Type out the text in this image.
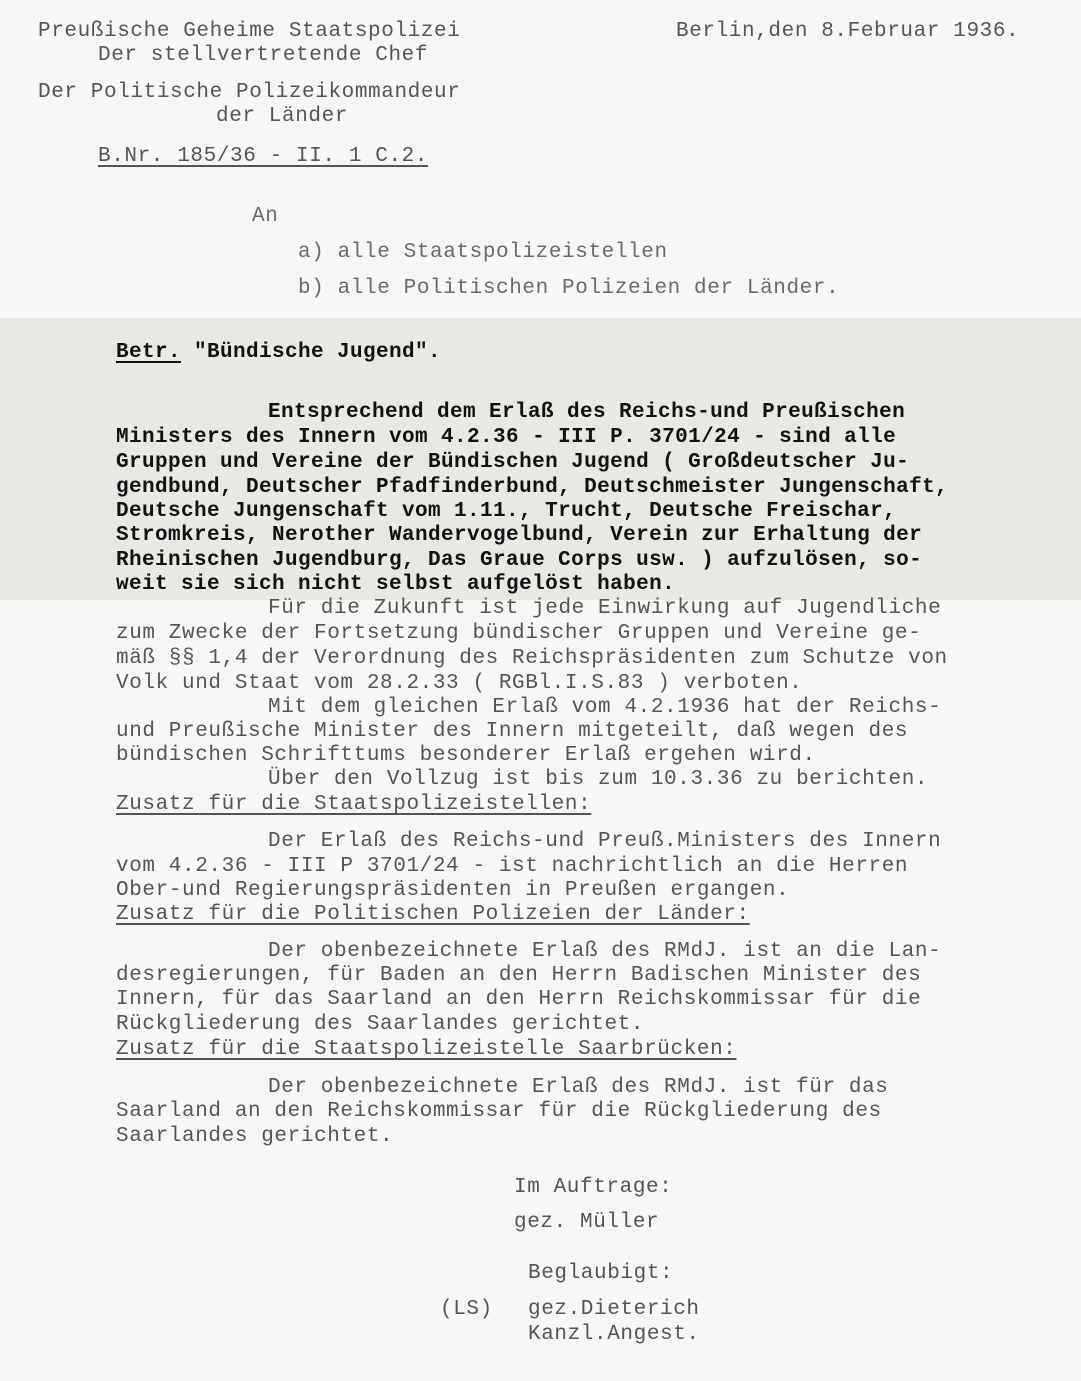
Preußische Geheime Staatspolizei
Der stellvertretende Chef
Der Politische Polizeikommandeur
der Länder
B.Nr. 185/36 - II. 1 C.2.
Berlin,den 8.Februar 1936.
An
a) alle Staatspolizeistellen
b) alle Politischen Polizeien der Länder.
Betr. "Bündische Jugend".
Entsprechend dem Erlaß des Reichs-und Preußischen
Ministers des Innern vom 4.2.36 - III P. 3701/24 - sind alle
Gruppen und Vereine der Bündischen Jugend ( Großdeutscher Ju-
gendbund, Deutscher Pfadfinderbund, Deutschmeister Jungenschaft,
Deutsche Jungenschaft vom 1.11., Trucht, Deutsche Freischar,
Stromkreis, Nerother Wandervogelbund, Verein zur Erhaltung der
Rheinischen Jugendburg, Das Graue Corps usw. ) aufzulösen, so-
weit sie sich nicht selbst aufgelöst haben.
Für die Zukunft ist jede Einwirkung auf Jugendliche
zum Zwecke der Fortsetzung bündischer Gruppen und Vereine ge-
mäß §§ 1,4 der Verordnung des Reichspräsidenten zum Schutze von
Volk und Staat vom 28.2.33 ( RGBl.I.S.83 ) verboten.
Mit dem gleichen Erlaß vom 4.2.1936 hat der Reichs-
und Preußische Minister des Innern mitgeteilt, daß wegen des
bündischen Schrifttums besonderer Erlaß ergehen wird.
Über den Vollzug ist bis zum 10.3.36 zu berichten.
Zusatz für die Staatspolizeistellen:
Der Erlaß des Reichs-und Preuß.Ministers des Innern
vom 4.2.36 - III P 3701/24 - ist nachrichtlich an die Herren
Ober-und Regierungspräsidenten in Preußen ergangen.
Zusatz für die Politischen Polizeien der Länder:
Der obenbezeichnete Erlaß des RMdJ. ist an die Lan-
desregierungen, für Baden an den Herrn Badischen Minister des
Innern, für das Saarland an den Herrn Reichskommissar für die
Rückgliederung des Saarlandes gerichtet.
Zusatz für die Staatspolizeistelle Saarbrücken:
Der obenbezeichnete Erlaß des RMdJ. ist für das
Saarland an den Reichskommissar für die Rückgliederung des
Saarlandes gerichtet.
Im Auftrage:
gez. Müller
Beglaubigt:
(LS) gez.Dieterich
Kanzl.Angest.
